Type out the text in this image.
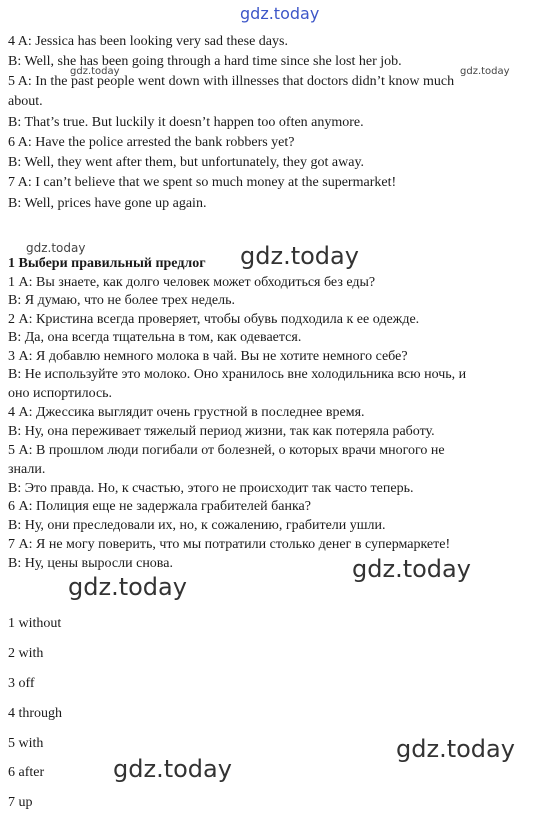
gdz.today
4 A: Jessica has been looking very sad these days.
B: Well, she has been going through a hard time since she lost her job.
gdz.today	gdz.today
5 A: In the past people went down with illnesses that doctors didn’t know much
about.
B: That’s true. But luckily it doesn’t happen too often anymore.
6 A: Have the police arrested the bank robbers yet?
B: Well, they went after them, but unfortunately, they got away.
7 A: I can’t believe that we spent so much money at the supermarket!
B: Well, prices have gone up again.
gdz.today
1 Выбери правильный предлог gdz.today
1 А: Вы знаете, как долго человек может обходиться без еды?
В: Я думаю, что не более трех недель.
2 А: Кристина всегда проверяет, чтобы обувь подходила к ее одежде.
В: Да, она всегда тщательна в том, как одевается.
3 А: Я добавлю немного молока в чай. Вы не хотите немного себе?
В: Не используйте это молоко. Оно хранилось вне холодильника всю ночь, и
оно испортилось.
4 А: Джессика выглядит очень грустной в последнее время.
В: Ну, она переживает тяжелый период жизни, так как потеряла работу.
5 А: В прошлом люди погибали от болезней, о которых врачи многого не
знали.
В: Это правда. Но, к счастью, этого не происходит так часто теперь.
6 А: Полиция еще не задержала грабителей банка?
В: Ну, они преследовали их, но, к сожалению, грабители ушли.
7 А: Я не могу поверить, что мы потратили столько денег в супермаркете!
В: Ну, цены выросли снова.	gdz.today
gdz.today
1 without
2 with
3 off
4 through
5 with
6 after
7 up
gdz.today
gdz.today
